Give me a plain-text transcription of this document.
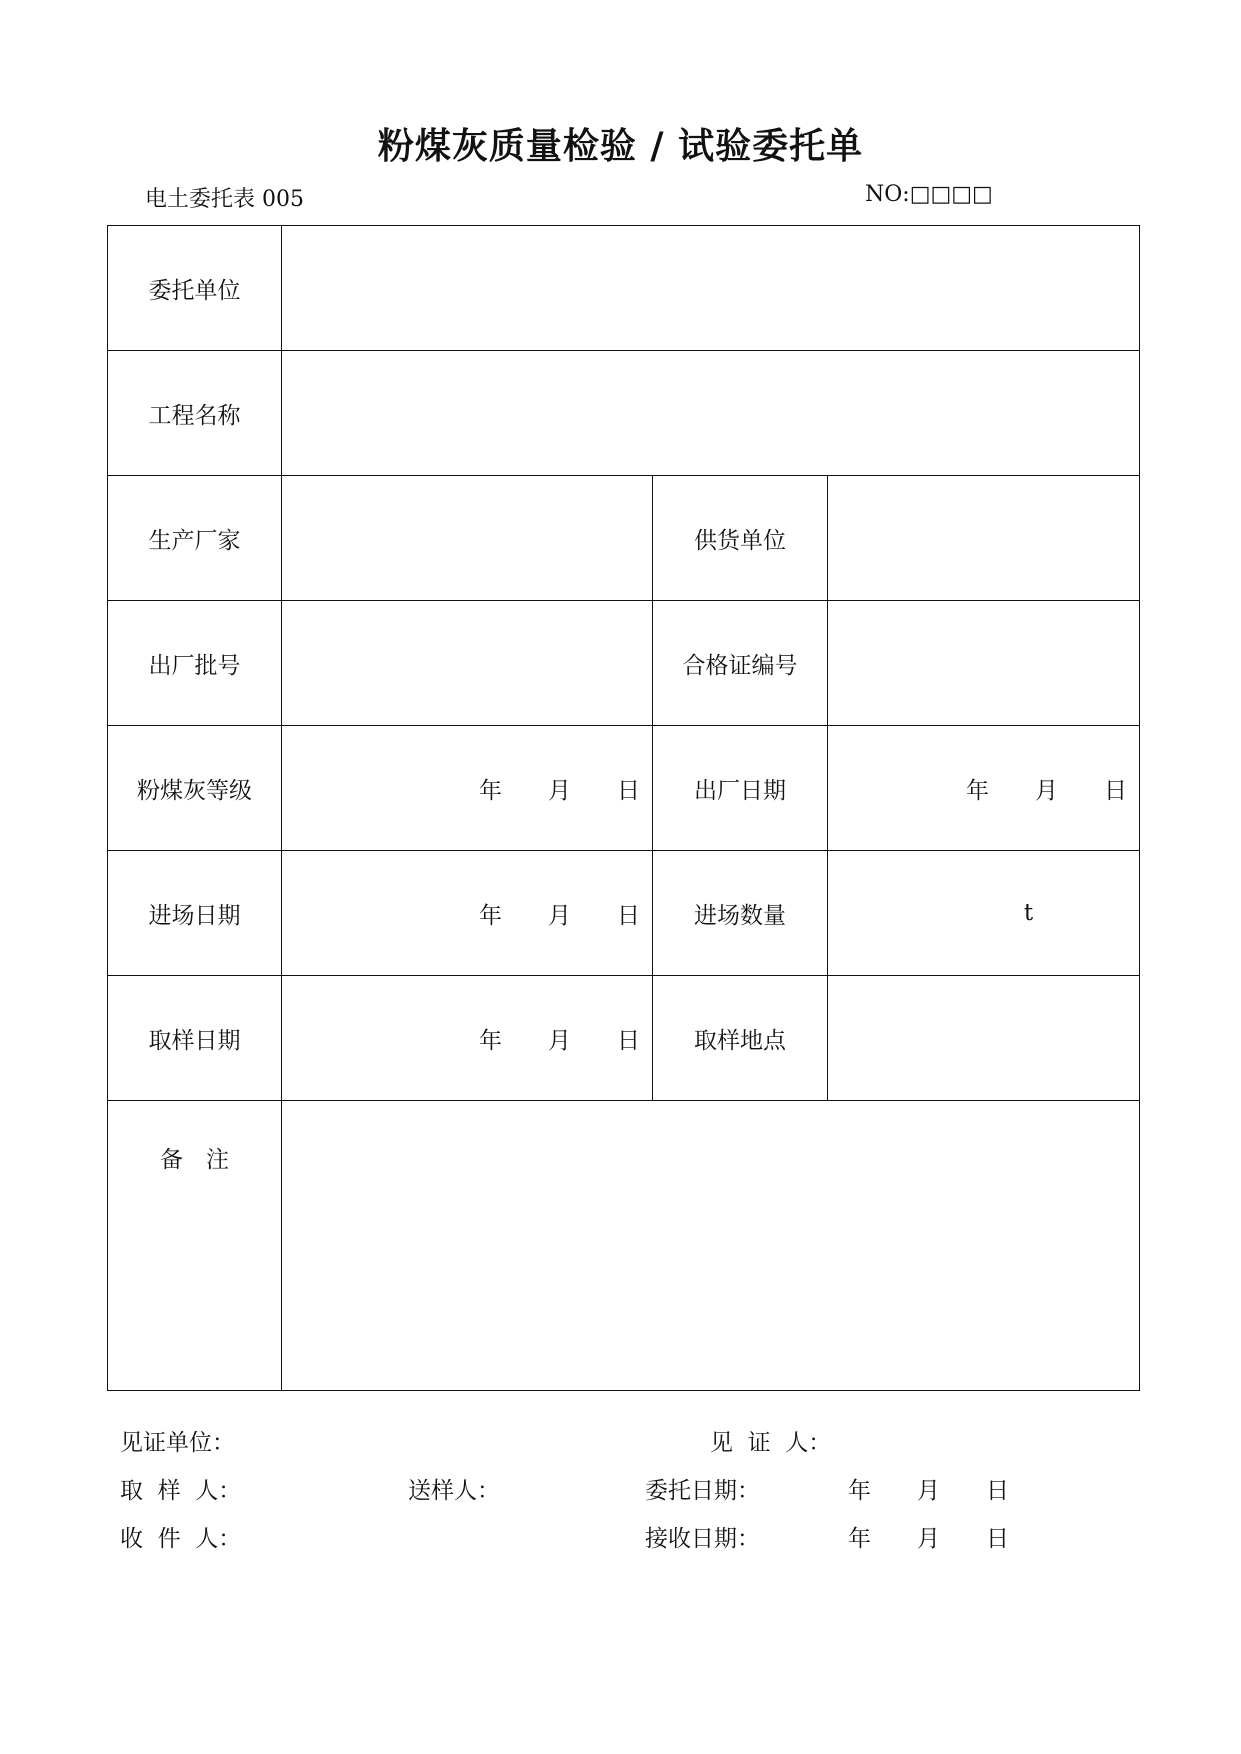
粉煤灰质量检验 / 试验委托单
电土委托表 005	NO:□□□□
委托单位			
工程名称			
生产厂家		供货单位	
出厂批号		合格证编号	
粉煤灰等级	年　　月　　日	出厂日期	年　　月　　日
进场日期	年　　月　　日	进场数量	t
取样日期	年　　月　　日	取样地点	
备　注			
见证单位：	见  证  人：
取  样  人：	送样人：	委托日期：	年　　月　　日
收  件  人：	接收日期：	年　　月　　日
